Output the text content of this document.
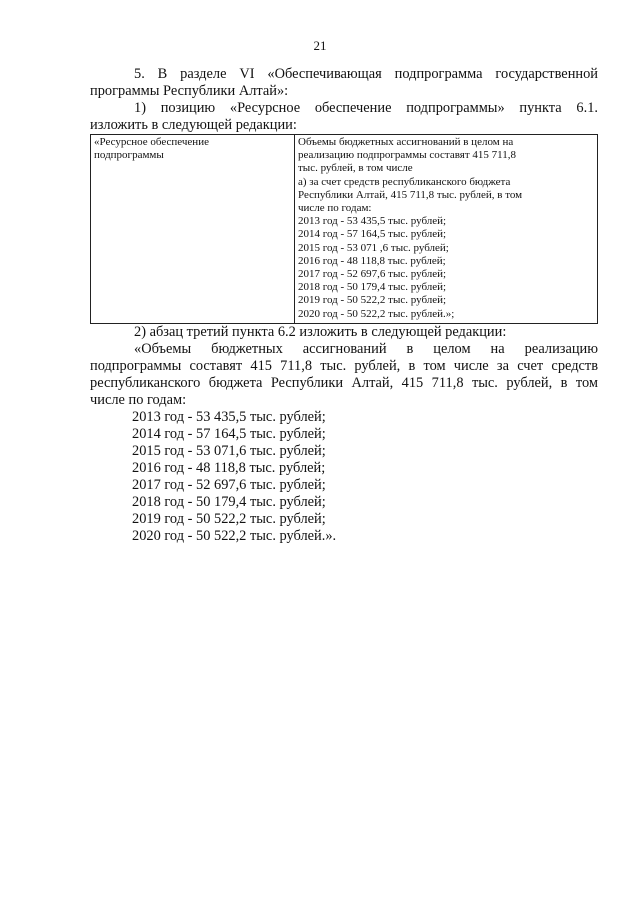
21

5. В разделе VI «Обеспечивающая подпрограмма государственной
программы Республики Алтай»:

1) позицию «Ресурсное обеспечение подпрограммы» пункта 6.1.
изложить в следующей редакции:

«Ресурсное обеспечение
подпрограммы

Объемы бюджетных ассигнований в целом на
реализацию подпрограммы составят 415 711,8
тыс. рублей, в том числе
а) за счет средств республиканского бюджета
Республики Алтай, 415 711,8 тыс. рублей, в том
числе по годам:
2013 год - 53 435,5 тыс. рублей;
2014 год - 57 164,5 тыс. рублей;
2015 год - 53 071 ,6 тыс. рублей;
2016 год - 48 118,8 тыс. рублей;
2017 год - 52 697,6 тыс. рублей;
2018 год - 50 179,4 тыс. рублей;
2019 год - 50 522,2 тыс. рублей;
2020 год - 50 522,2 тыс. рублей.»;

2) абзац третий пункта 6.2 изложить в следующей редакции:

«Объемы бюджетных ассигнований в целом на реализацию
подпрограммы составят 415 711,8 тыс. рублей, в том числе за счет средств
республиканского бюджета Республики Алтай, 415 711,8 тыс. рублей, в том
числе по годам:

2013 год - 53 435,5 тыс. рублей;
2014 год - 57 164,5 тыс. рублей;
2015 год - 53 071,6 тыс. рублей;
2016 год - 48 118,8 тыс. рублей;
2017 год - 52 697,6 тыс. рублей;
2018 год - 50 179,4 тыс. рублей;
2019 год - 50 522,2 тыс. рублей;
2020 год - 50 522,2 тыс. рублей.».
